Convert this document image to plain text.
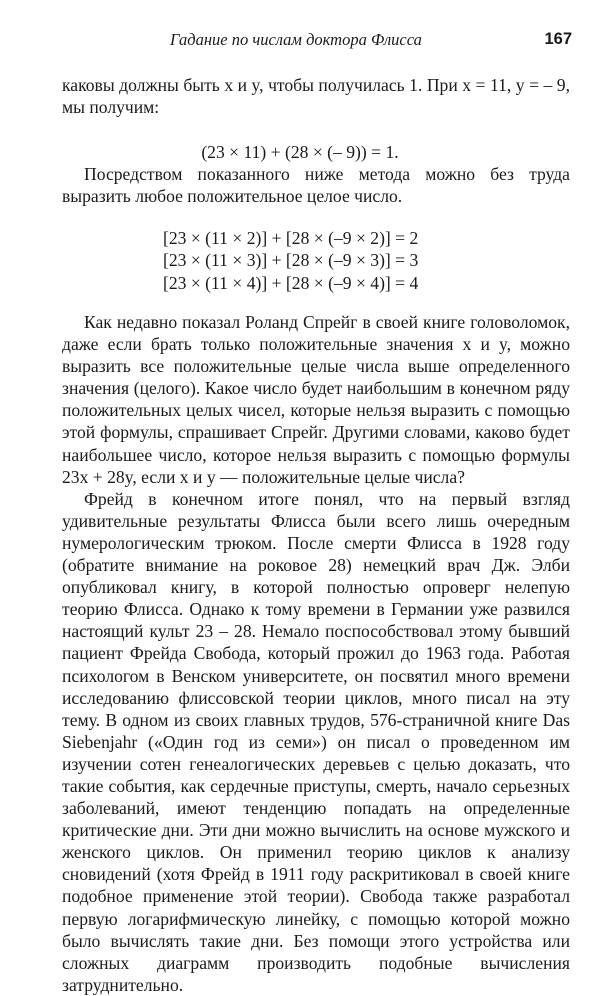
Гадание по числам доктора Флисса	167

каковы должны быть x и y, чтобы получилась 1. При x = 11, y = – 9, мы получим:

(23 × 11) + (28 × (– 9)) = 1.

Посредством показанного ниже метода можно без труда выразить любое положительное целое число.

[23 × (11 × 2)] + [28 × (–9 × 2)] = 2
[23 × (11 × 3)] + [28 × (–9 × 3)] = 3
[23 × (11 × 4)] + [28 × (–9 × 4)] = 4

Как недавно показал Роланд Спрейг в своей книге головоломок, даже если брать только положительные значения x и y, можно выразить все положительные целые числа выше определенного значения (целого). Какое число будет наибольшим в конечном ряду положительных целых чисел, которые нельзя выразить с помощью этой формулы, спрашивает Спрейг. Другими словами, каково будет наибольшее число, которое нельзя выразить с помощью формулы 23x + 28y, если x и y — положительные целые числа?

Фрейд в конечном итоге понял, что на первый взгляд удивительные результаты Флисса были всего лишь очередным нумерологическим трюком. После смерти Флисса в 1928 году (обратите внимание на роковое 28) немецкий врач Дж. Элби опубликовал книгу, в которой полностью опроверг нелепую теорию Флисса. Однако к тому времени в Германии уже развился настоящий культ 23 – 28. Немало поспособствовал этому бывший пациент Фрейда Свобода, который прожил до 1963 года. Работая психологом в Венском университете, он посвятил много времени исследованию флиссовской теории циклов, много писал на эту тему. В одном из своих главных трудов, 576-страничной книге Das Siebenjahr («Один год из семи») он писал о проведенном им изучении сотен генеалогических деревьев с целью доказать, что такие события, как сердечные приступы, смерть, начало серьезных заболеваний, имеют тенденцию попадать на определенные критические дни. Эти дни можно вычислить на основе мужского и женского циклов. Он применил теорию циклов к анализу сновидений (хотя Фрейд в 1911 году раскритиковал в своей книге подобное применение этой теории). Свобода также разработал первую логарифмическую линейку, с помощью которой можно было вычислять такие дни. Без помощи этого устройства или сложных диаграмм производить подобные вычисления затруднительно.
